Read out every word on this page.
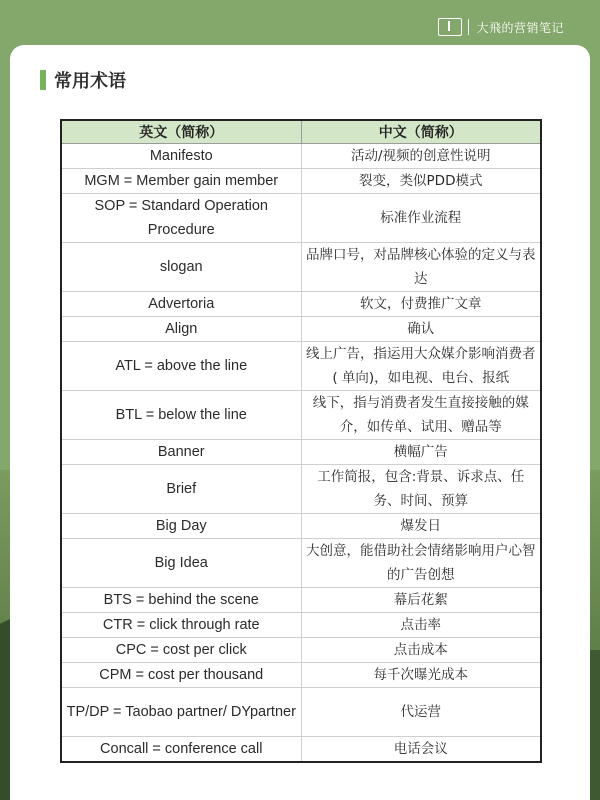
大飛的营销笔记
常用术语
英文（简称）	中文（简称）
Manifesto	活动/视频的创意性说明
MGM = Member gain member	裂变，类似PDD模式
SOP = Standard Operation Procedure	标准作业流程
slogan	品牌口号，对品牌核心体验的定义与表达
Advertoria	软文，付费推广文章
Align	确认
ATL = above the line	线上广告，指运用大众媒介影响消费者( 单向)，如电视、电台、报纸
BTL = below the line	线下，指与消费者发生直接接触的媒介，如传单、试用、赠品等
Banner	横幅广告
Brief	工作简报，包含:背景、诉求点、任务、时间、预算
Big Day	爆发日
Big Idea	大创意，能借助社会情绪影响用户心智的广告创想
BTS = behind the scene	幕后花絮
CTR = click through rate	点击率
CPC = cost per click	点击成本
CPM = cost per thousand	每千次曝光成本
TP/DP = Taobao partner/ DYpartner	代运营
Concall = conference call	电话会议
知乎 @黑白半调
